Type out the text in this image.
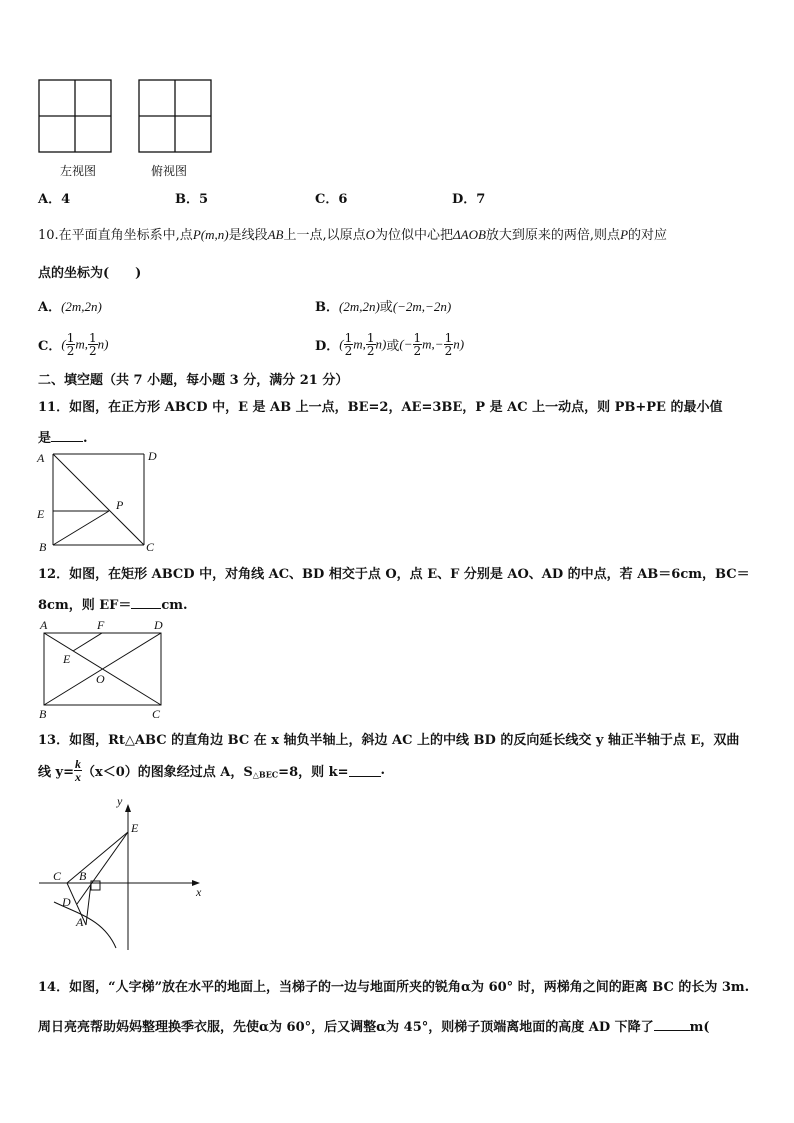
左视图	俯视图
A．4	B．5	C．6	D．7
10.在平面直角坐标系中,点P(m,n)是线段AB上一点,以原点O为位似中心把ΔAOB放大到原来的两倍,则点P的对应
点的坐标为(　　)
A．(2m,2n)	B．(2m,2n)或(−2m,−2n)
C．( $\frac{1}{2} m$, $\frac{1}{2} n$)	D．( $\frac{1}{2} m$, $\frac{1}{2} n$)或(− $\frac{1}{2} m,- \frac{1}{2} n$)
二、填空题（共 7 小题，每小题 3 分，满分 21 分）
11．如图，在正方形 ABCD 中，E 是 AB 上一点，BE=2，AE=3BE，P 是 AC 上一动点，则 PB+PE 的最小值
是 .
A	D
E
P
B	C
12．如图，在矩形 ABCD 中，对角线 AC、BD 相交于点 O，点 E、F 分别是 AO、AD 的中点，若 AB＝6cm，BC＝
8cm，则 EF＝ cm.
A	F	D
E
O
B	C
13．如图，Rt△ABC 的直角边 BC 在 x 轴负半轴上，斜边 AC 上的中线 BD 的反向延长线交 y 轴正半轴于点 E，双曲
线 $y= \frac{k}{x} (x<0)$的图象经过点 A，$S_{\triangle BEC}=8$，则 k= .
y
x
E
C B
D
A
14．如图，“人字梯”放在水平的地面上，当梯子的一边与地面所夹的锐角α为 60° 时，两梯角之间的距离 BC 的长为 3m.
周日亮亮帮助妈妈整理换季衣服，先使α为 60°，后又调整α为 45°，则梯子顶端离地面的高度 AD 下降了	m(
